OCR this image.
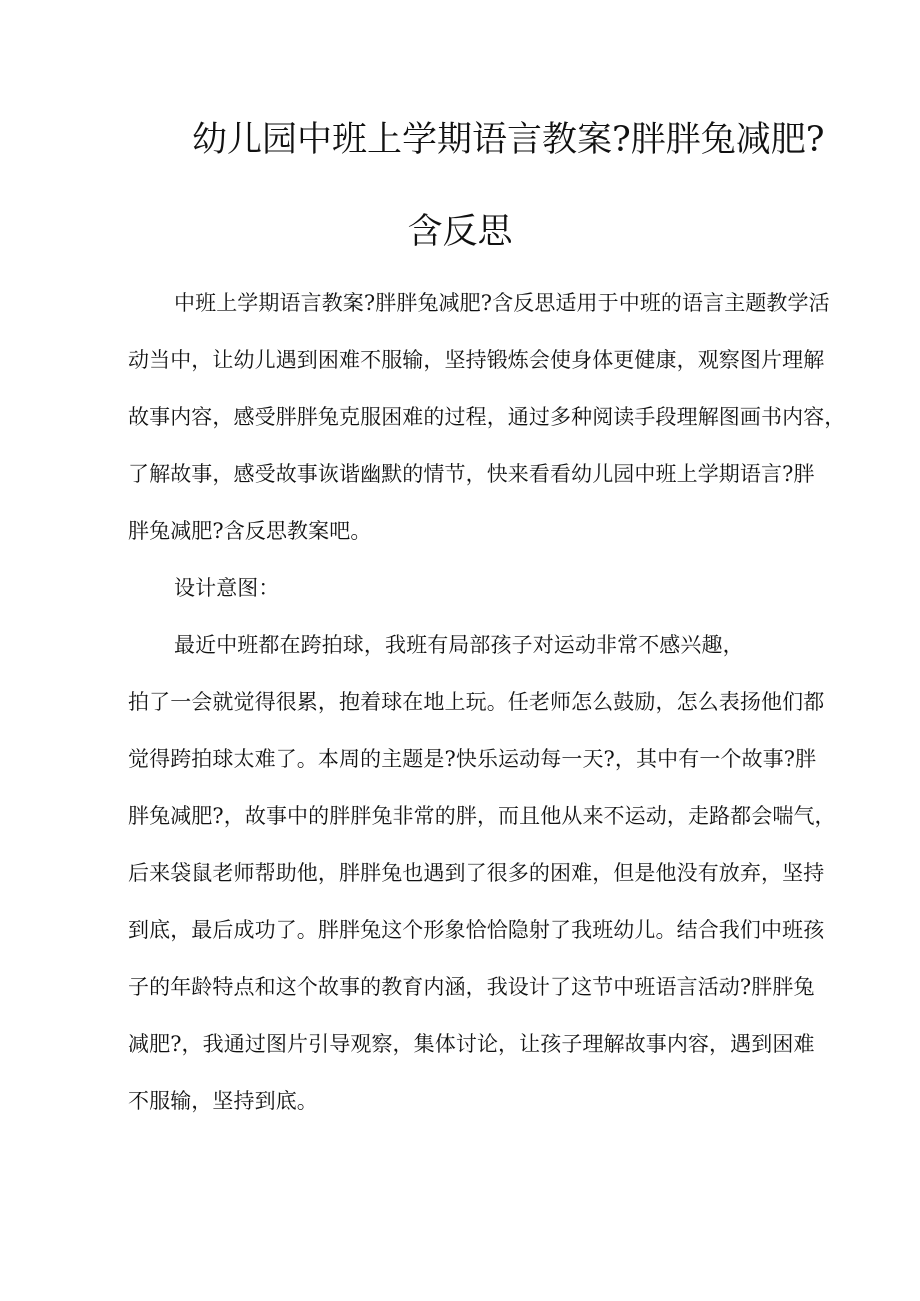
幼儿园中班上学期语言教案?胖胖兔减肥?
含反思
中班上学期语言教案?胖胖兔减肥?含反思适用于中班的语言主题教学活
动当中，让幼儿遇到困难不服输，坚持锻炼会使身体更健康，观察图片理解
故事内容，感受胖胖兔克服困难的过程，通过多种阅读手段理解图画书内容，
了解故事，感受故事诙谐幽默的情节，快来看看幼儿园中班上学期语言?胖
胖兔减肥?含反思教案吧。
设计意图：
最近中班都在跨拍球，我班有局部孩子对运动非常不感兴趣，
拍了一会就觉得很累，抱着球在地上玩。任老师怎么鼓励，怎么表扬他们都
觉得跨拍球太难了。本周的主题是?快乐运动每一天?，其中有一个故事?胖
胖兔减肥?，故事中的胖胖兔非常的胖，而且他从来不运动，走路都会喘气，
后来袋鼠老师帮助他，胖胖兔也遇到了很多的困难，但是他没有放弃，坚持
到底，最后成功了。胖胖兔这个形象恰恰隐射了我班幼儿。结合我们中班孩
子的年龄特点和这个故事的教育内涵，我设计了这节中班语言活动?胖胖兔
减肥?，我通过图片引导观察，集体讨论，让孩子理解故事内容，遇到困难
不服输，坚持到底。
